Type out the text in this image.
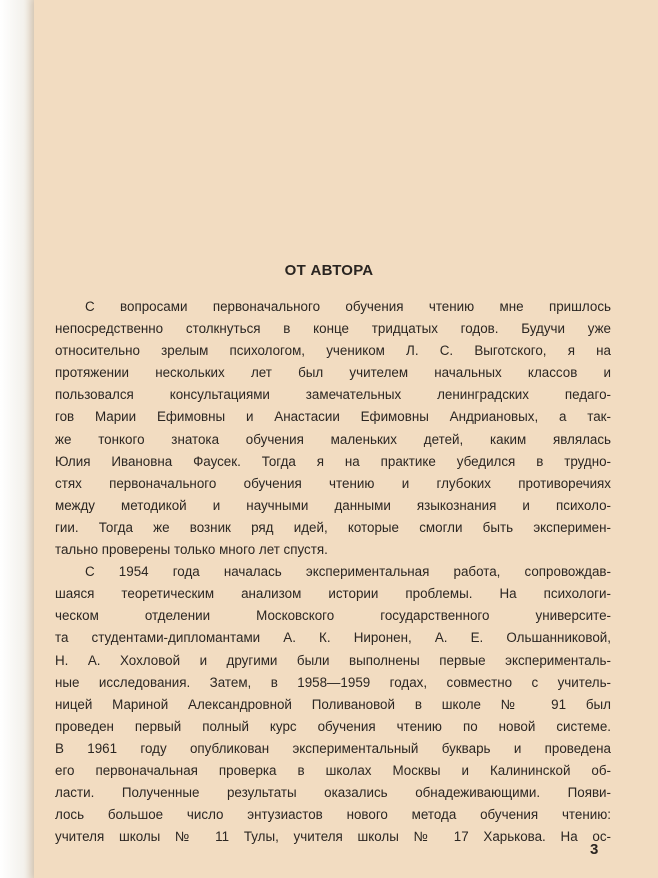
ОТ АВТОРА
С вопросами первоначального обучения чтению мне пришлось
непосредственно столкнуться в конце тридцатых годов. Будучи уже
относительно зрелым психологом, учеником Л. С. Выготского, я на
протяжении нескольких лет был учителем начальных классов и
пользовался консультациями замечательных ленинградских педаго-
гов Марии Ефимовны и Анастасии Ефимовны Андриановых, а так-
же тонкого знатока обучения маленьких детей, каким являлась
Юлия Ивановна Фаусек. Тогда я на практике убедился в трудно-
стях первоначального обучения чтению и глубоких противоречиях
между методикой и научными данными языкознания и психоло-
гии. Тогда же возник ряд идей, которые смогли быть эксперимен-
тально проверены только много лет спустя.
С 1954 года началась экспериментальная работа, сопровождав-
шаяся теоретическим анализом истории проблемы. На психологи-
ческом отделении Московского государственного университе-
та студентами-дипломантами А. К. Ниронен, А. Е. Ольшанниковой,
Н. А. Хохловой и другими были выполнены первые эксперименталь-
ные исследования. Затем, в 1958—1959 годах, совместно с учитель-
ницей Мариной Александровной Поливановой в школе № 91 был
проведен первый полный курс обучения чтению по новой системе.
В 1961 году опубликован экспериментальный букварь и проведена
его первоначальная проверка в школах Москвы и Калининской об-
ласти. Полученные результаты оказались обнадеживающими. Появи-
лось большое число энтузиастов нового метода обучения чтению:
учителя школы № 11 Тулы, учителя школы № 17 Харькова. На ос-
3
